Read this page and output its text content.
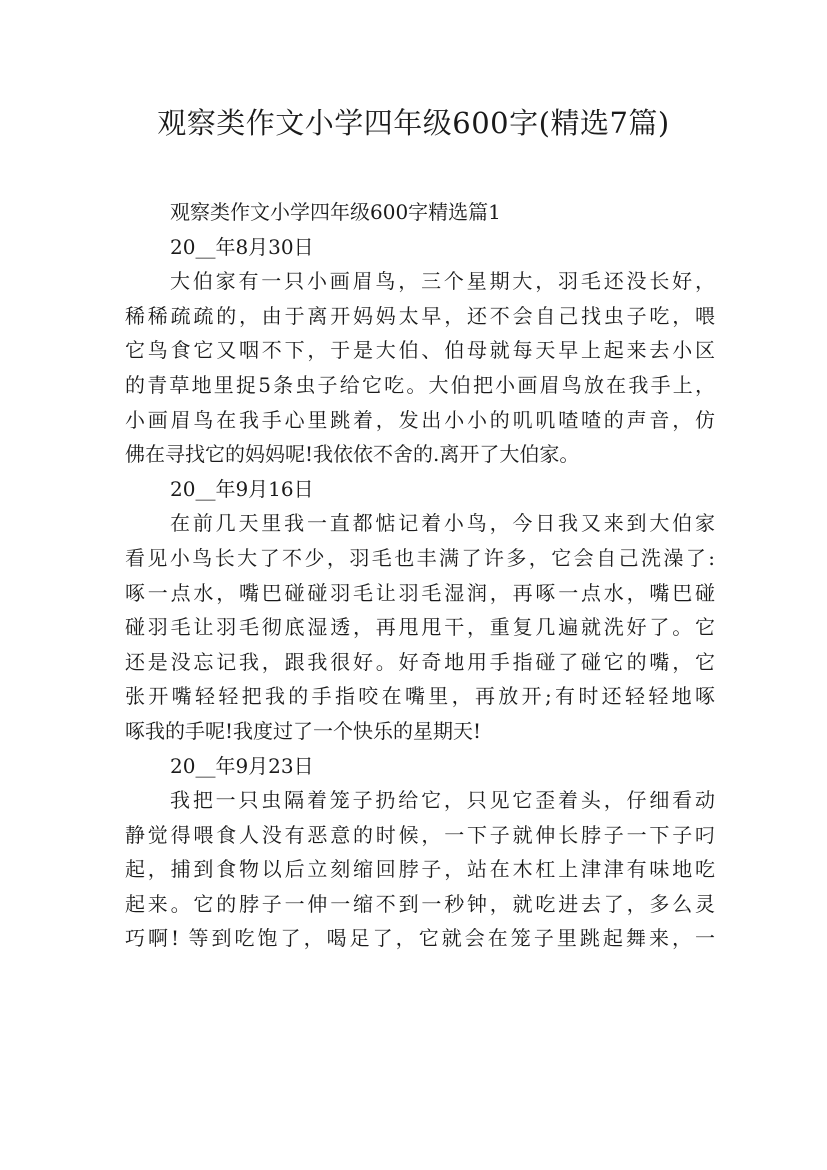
观察类作文小学四年级600字(精选7篇)
观察类作文小学四年级600字精选篇1
20__年8月30日
大伯家有一只小画眉鸟，三个星期大，羽毛还没长好，
稀稀疏疏的，由于离开妈妈太早，还不会自己找虫子吃，喂
它鸟食它又咽不下，于是大伯、伯母就每天早上起来去小区
的青草地里捉5条虫子给它吃。大伯把小画眉鸟放在我手上，
小画眉鸟在我手心里跳着，发出小小的叽叽喳喳的声音，仿
佛在寻找它的妈妈呢!我依依不舍的.离开了大伯家。
20__年9月16日
在前几天里我一直都惦记着小鸟，今日我又来到大伯家
看见小鸟长大了不少，羽毛也丰满了许多，它会自己洗澡了:
啄一点水，嘴巴碰碰羽毛让羽毛湿润，再啄一点水，嘴巴碰
碰羽毛让羽毛彻底湿透，再甩甩干，重复几遍就洗好了。它
还是没忘记我，跟我很好。好奇地用手指碰了碰它的嘴，它
张开嘴轻轻把我的手指咬在嘴里，再放开;有时还轻轻地啄
啄我的手呢!我度过了一个快乐的星期天!
20__年9月23日
我把一只虫隔着笼子扔给它，只见它歪着头，仔细看动
静觉得喂食人没有恶意的时候，一下子就伸长脖子一下子叼
起，捕到食物以后立刻缩回脖子，站在木杠上津津有味地吃
起来。它的脖子一伸一缩不到一秒钟，就吃进去了，多么灵
巧啊! 等到吃饱了，喝足了，它就会在笼子里跳起舞来，一
